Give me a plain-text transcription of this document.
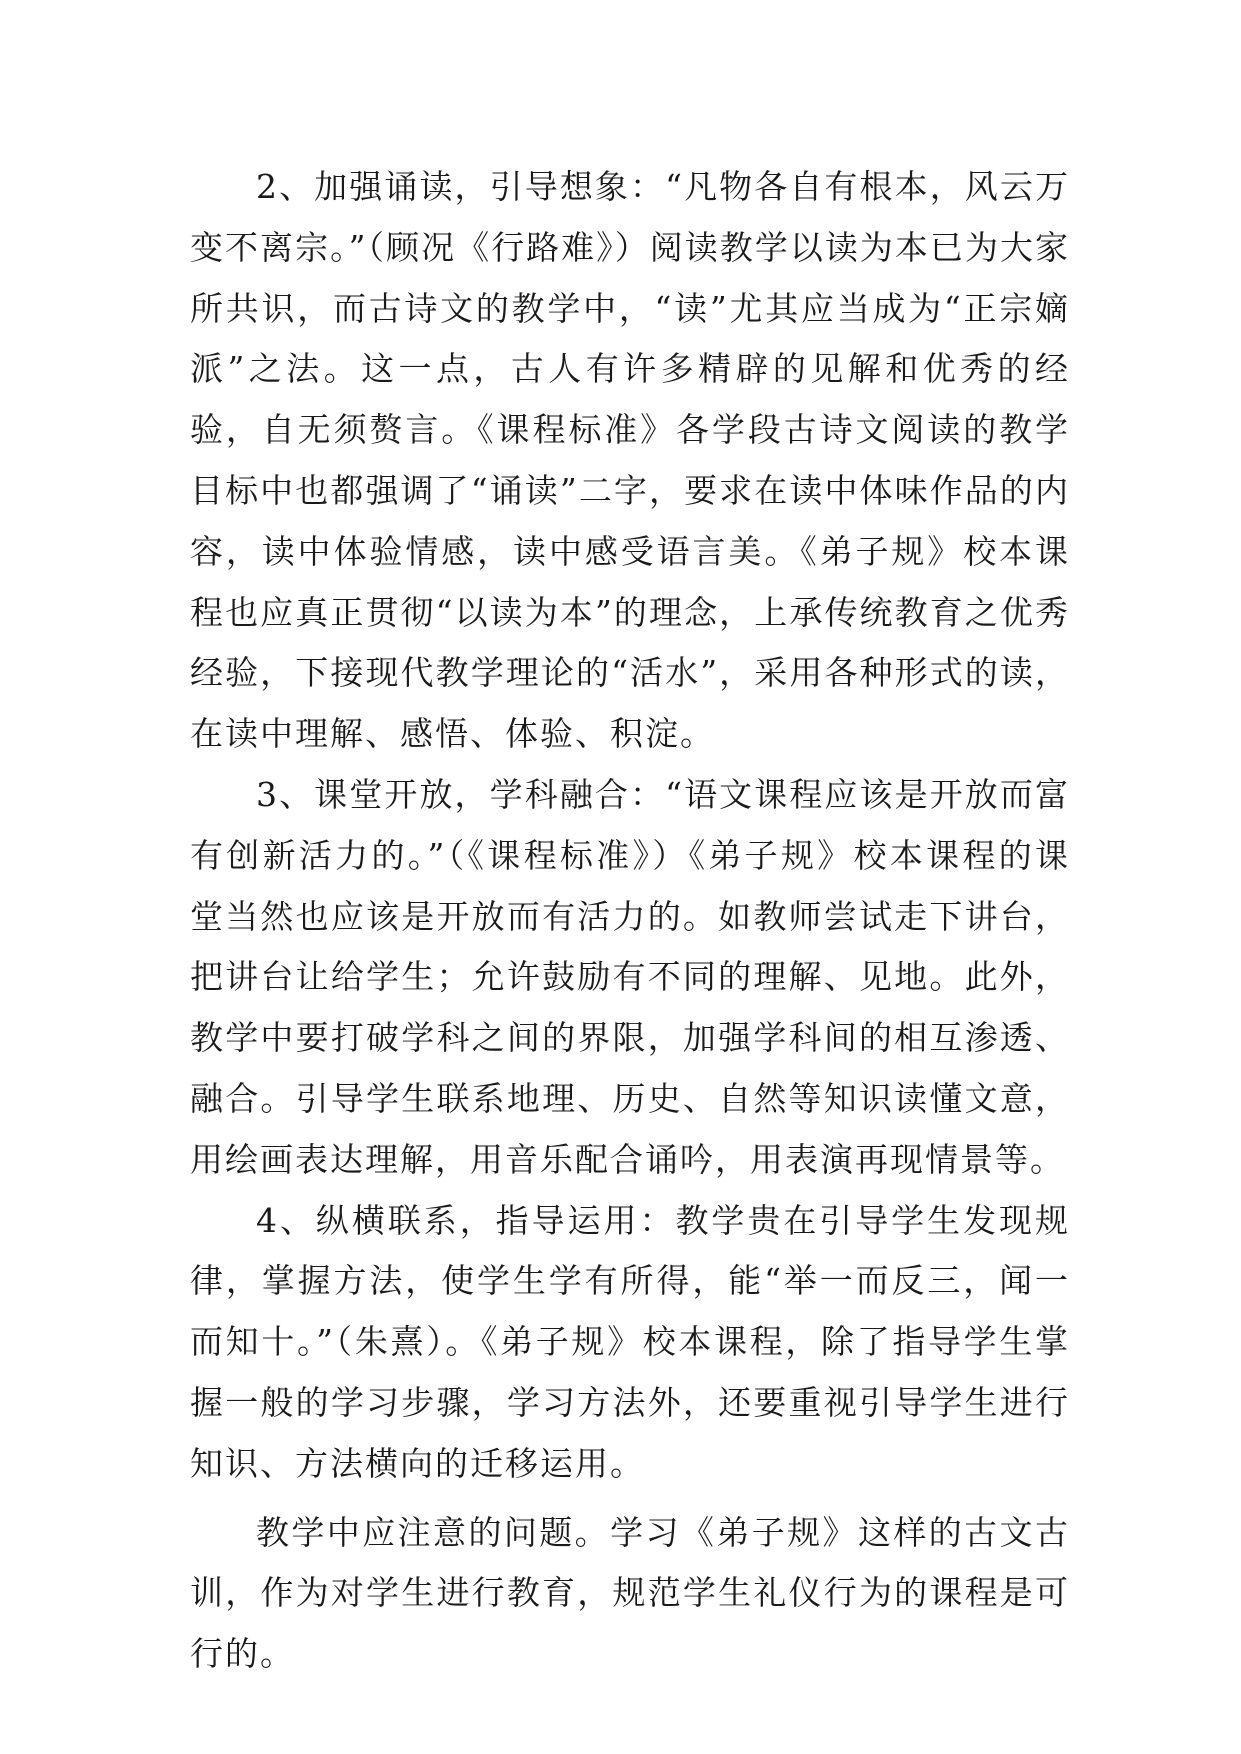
2、加强诵读，引导想象：“凡物各自有根本，风云万变不离宗。”（顾况《行路难》）阅读教学以读为本已为大家所共识，而古诗文的教学中，“读”尤其应当成为“正宗嫡派”之法。这一点，古人有许多精辟的见解和优秀的经验，自无须赘言。《课程标准》各学段古诗文阅读的教学目标中也都强调了“诵读”二字，要求在读中体味作品的内容，读中体验情感，读中感受语言美。《弟子规》校本课程也应真正贯彻“以读为本”的理念，上承传统教育之优秀经验，下接现代教学理论的“活水”，采用各种形式的读，在读中理解、感悟、体验、积淀。

3、课堂开放，学科融合：“语文课程应该是开放而富有创新活力的。”（《课程标准》）《弟子规》校本课程的课堂当然也应该是开放而有活力的。如教师尝试走下讲台，把讲台让给学生；允许鼓励有不同的理解、见地。此外，教学中要打破学科之间的界限，加强学科间的相互渗透、融合。引导学生联系地理、历史、自然等知识读懂文意，用绘画表达理解，用音乐配合诵吟，用表演再现情景等。

4、纵横联系，指导运用：教学贵在引导学生发现规律，掌握方法，使学生学有所得，能“举一而反三，闻一而知十。”（朱熹）。《弟子规》校本课程，除了指导学生掌握一般的学习步骤，学习方法外，还要重视引导学生进行知识、方法横向的迁移运用。

教学中应注意的问题。学习《弟子规》这样的古文古训，作为对学生进行教育，规范学生礼仪行为的课程是可行的。
